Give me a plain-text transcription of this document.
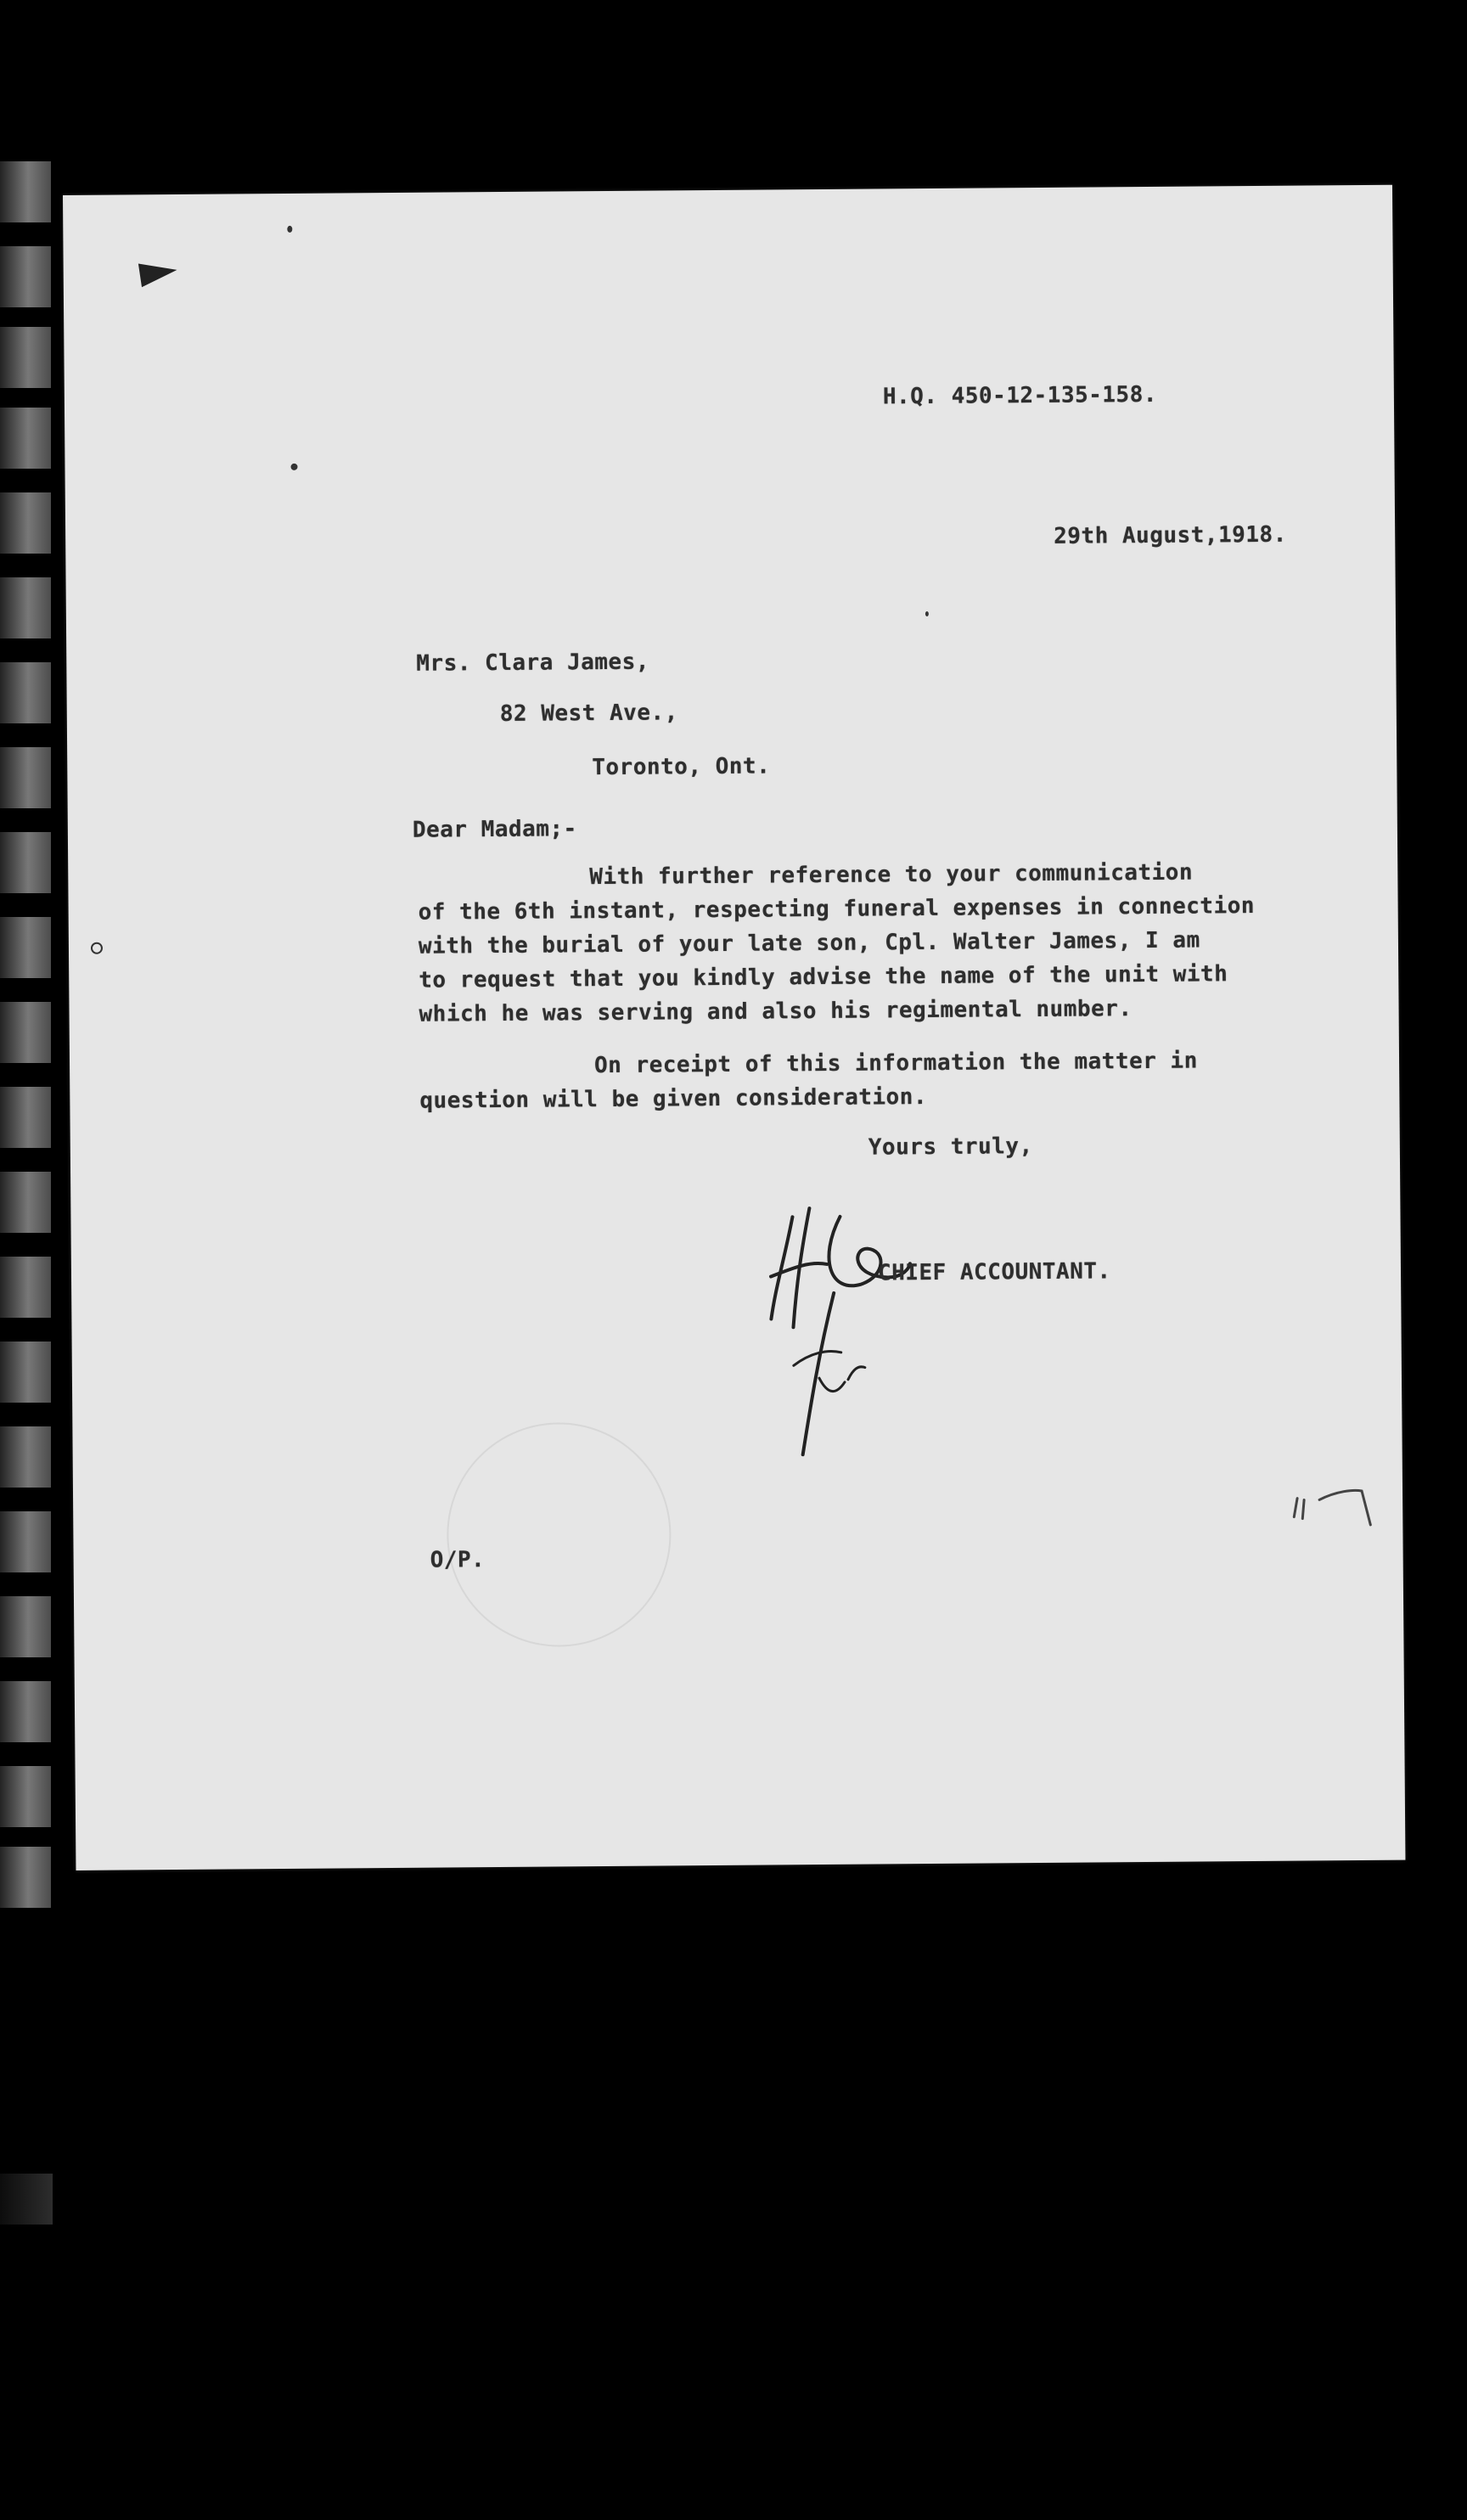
H.Q. 450-12-135-158.
29th August,1918.
Mrs. Clara James,
82 West Ave.,
Toronto, Ont.
Dear Madam;-
With further reference to your communication
of the 6th instant, respecting funeral expenses in connection
with the burial of your late son, Cpl. Walter James, I am
to request that you kindly advise the name of the unit with
which he was serving and also his regimental number.
On receipt of this information the matter in
question will be given consideration.
Yours truly,
CHIEF ACCOUNTANT.
O/P.
